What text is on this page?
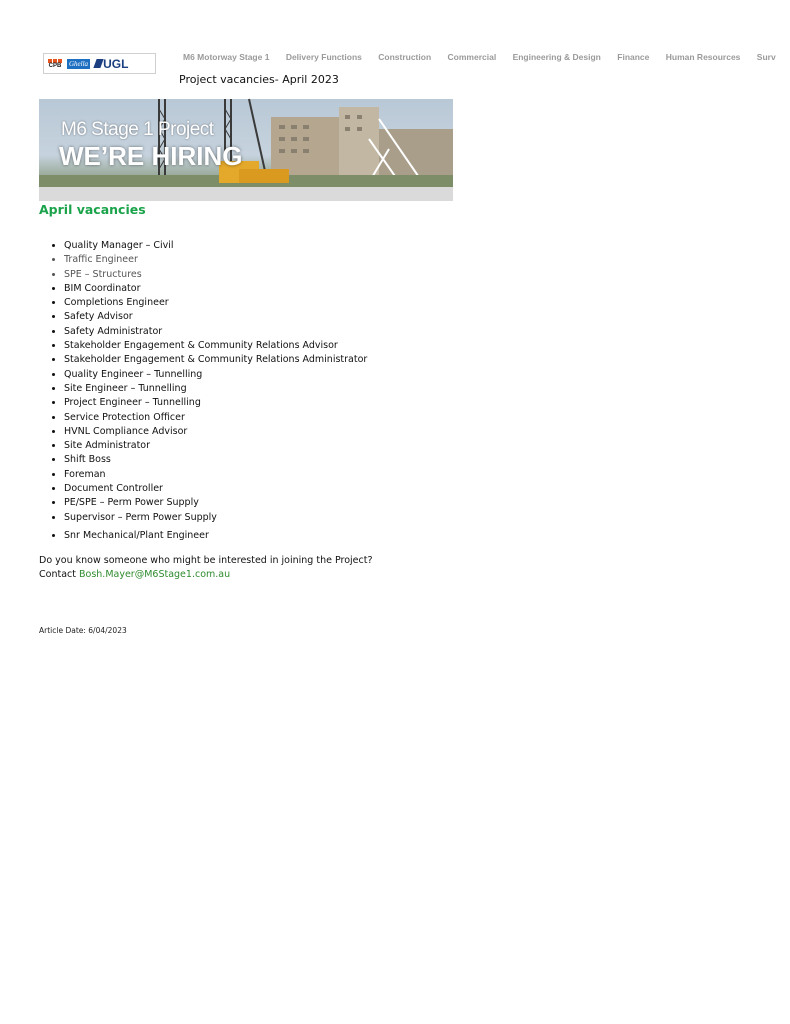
CPB Ghella UGL	M6 Motorway Stage 1 Delivery Functions Construction Commercial Engineering & Design Finance Human Resources Surv
Project vacancies- April 2023
M6 Stage 1 Project
WE’RE HIRING
April vacancies
• Quality Manager – Civil
• Traffic Engineer
• SPE – Structures
• BIM Coordinator
• Completions Engineer
• Safety Advisor
• Safety Administrator
• Stakeholder Engagement & Community Relations Advisor
• Stakeholder Engagement & Community Relations Administrator
• Quality Engineer – Tunnelling
• Site Engineer – Tunnelling
• Project Engineer – Tunnelling
• Service Protection Officer
• HVNL Compliance Advisor
• Site Administrator
• Shift Boss
• Foreman
• Document Controller
• PE/SPE – Perm Power Supply
• Supervisor – Perm Power Supply
• Snr Mechanical/Plant Engineer
Do you know someone who might be interested in joining the Project?
Contact Bosh.Mayer@M6Stage1.com.au
Article Date: 6/04/2023
